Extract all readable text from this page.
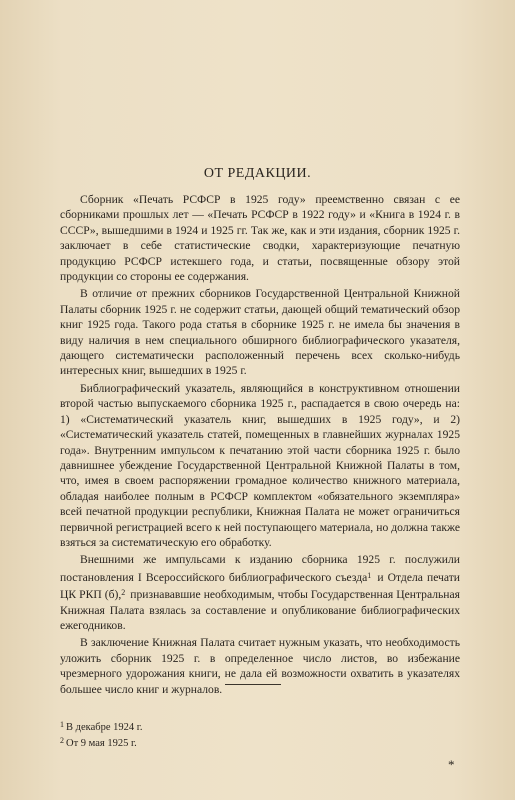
ОТ РЕДАКЦИИ.

Сборник «Печать РСФСР в 1925 году» преемственно связан с ее сборниками прошлых лет — «Печать РСФСР в 1922 году» и «Книга в 1924 г. в СССР», вышедшими в 1924 и 1925 гг. Так же, как и эти издания, сборник 1925 г. заключает в себе статистические сводки, характеризующие печатную продукцию РСФСР истекшего года, и статьи, посвященные обзору этой продукции со стороны ее содержания.

В отличие от прежних сборников Государственной Центральной Книжной Палаты сборник 1925 г. не содержит статьи, дающей общий тематический обзор книг 1925 года. Такого рода статья в сборнике 1925 г. не имела бы значения в виду наличия в нем специального обширного библиографического указателя, дающего систематически расположенный перечень всех сколько-нибудь интересных книг, вышедших в 1925 г.

Библиографический указатель, являющийся в конструктивном отношении второй частью выпускаемого сборника 1925 г., распадается в свою очередь на: 1) «Систематический указатель книг, вышедших в 1925 году», и 2) «Систематический указатель статей, помещенных в главнейших журналах 1925 года». Внутренним импульсом к печатанию этой части сборника 1925 г. было давнишнее убеждение Государственной Центральной Книжной Палаты в том, что, имея в своем распоряжении громадное количество книжного материала, обладая наиболее полным в РСФСР комплектом «обязательного экземпляра» всей печатной продукции республики, Книжная Палата не может ограничиться первичной регистрацией всего к ней поступающего материала, но должна также взяться за систематическую его обработку.

Внешними же импульсами к изданию сборника 1925 г. послужили постановления I Всероссийского библиографического съезда$^1$ и Отдела печати ЦК РКП (б),$^2$ признававшие необходимым, чтобы Государственная Центральная Книжная Палата взялась за составление и опубликование библиографических ежегодников.

В заключение Книжная Палата считает нужным указать, что необходимость уложить сборник 1925 г. в определенное число листов, во избежание чрезмерного удорожания книги, не дала ей возможности охватить в указателях большее число книг и журналов.

$^1$ В декабре 1924 г.
$^2$ От 9 мая 1925 г.
*
